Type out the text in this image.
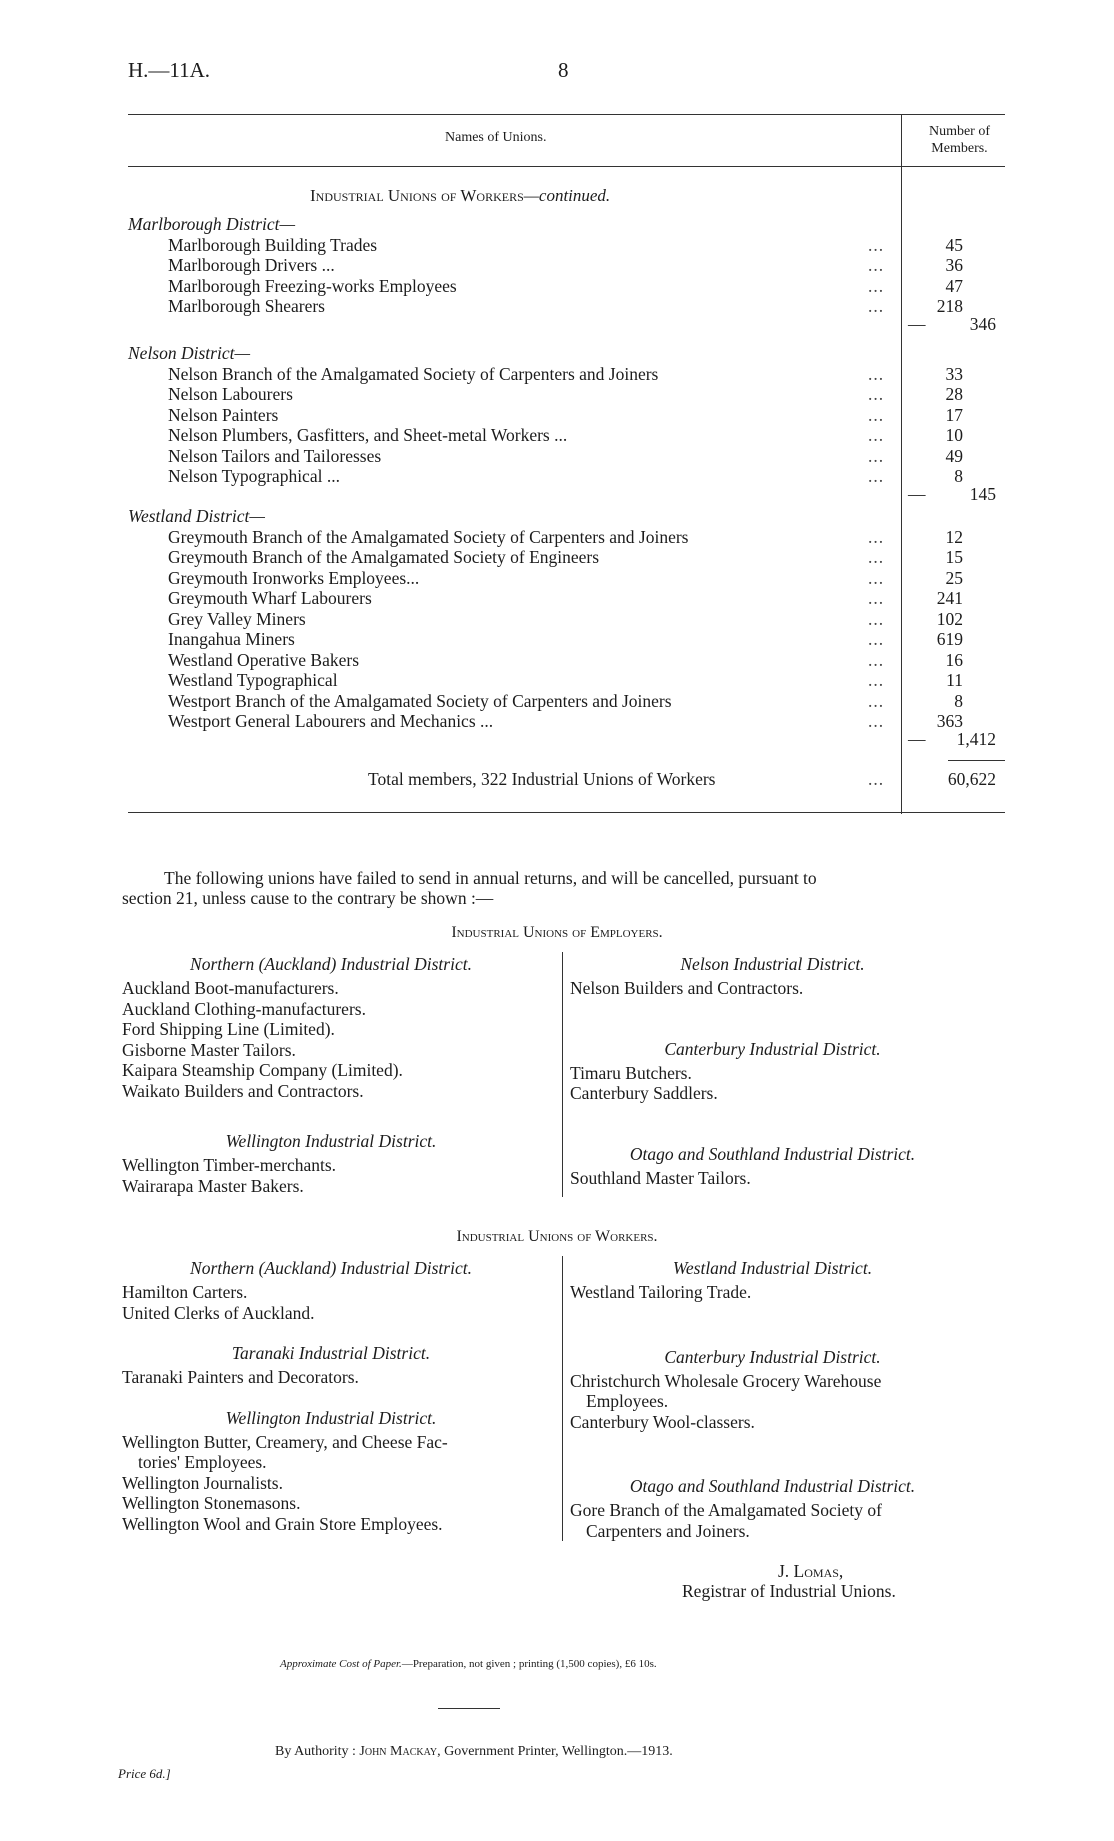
H.—11A.	8
Names of Unions.	Number of
Members.
Industrial Unions of Workers—continued.
Marlborough District—
Marlborough Building Trades	...	45
Marlborough Drivers ...	...	36
Marlborough Freezing-works Employees	...	47
Marlborough Shearers	...	218
—	346
Nelson District—
Nelson Branch of the Amalgamated Society of Carpenters and Joiners	...	33
Nelson Labourers	...	28
Nelson Painters	...	17
Nelson Plumbers, Gasfitters, and Sheet-metal Workers ...	...	10
Nelson Tailors and Tailoresses	...	49
Nelson Typographical ...	...	8
—	145
Westland District—
Greymouth Branch of the Amalgamated Society of Carpenters and Joiners	...	12
Greymouth Branch of the Amalgamated Society of Engineers	...	15
Greymouth Ironworks Employees...	...	25
Greymouth Wharf Labourers	...	241
Grey Valley Miners	...	102
Inangahua Miners	...	619
Westland Operative Bakers	...	16
Westland Typographical	...	11
Westport Branch of the Amalgamated Society of Carpenters and Joiners	...	8
Westport General Labourers and Mechanics ...	...	363
— 1,412
Total members, 322 Industrial Unions of Workers	...	60,622
The following unions have failed to send in annual returns, and will be cancelled, pursuant to
section 21, unless cause to the contrary be shown :—
Industrial Unions of Employers.
Northern (Auckland) Industrial District.
Auckland Boot-manufacturers.
Auckland Clothing-manufacturers.
Ford Shipping Line (Limited).
Gisborne Master Tailors.
Kaipara Steamship Company (Limited).
Waikato Builders and Contractors.
Wellington Industrial District.
Wellington Timber-merchants.
Wairarapa Master Bakers.
Nelson Industrial District.
Nelson Builders and Contractors.
Canterbury Industrial District.
Timaru Butchers.
Canterbury Saddlers.
Otago and Southland Industrial District.
Southland Master Tailors.
Industrial Unions of Workers.
Northern (Auckland) Industrial District.
Hamilton Carters.
United Clerks of Auckland.
Taranaki Industrial District.
Taranaki Painters and Decorators.
Wellington Industrial District.
Wellington Butter, Creamery, and Cheese Fac-
tories' Employees.
Wellington Journalists.
Wellington Stonemasons.
Wellington Wool and Grain Store Employees.
Westland Industrial District.
Westland Tailoring Trade.
Canterbury Industrial District.
Christchurch Wholesale Grocery Warehouse
Employees.
Canterbury Wool-classers.
Otago and Southland Industrial District.
Gore Branch of the Amalgamated Society of
Carpenters and Joiners.
J. Lomas,
Registrar of Industrial Unions.
Approximate Cost of Paper.—Preparation, not given ; printing (1,500 copies), £6 10s.
By Authority : John Mackay, Government Printer, Wellington.—1913.
Price 6d.]
